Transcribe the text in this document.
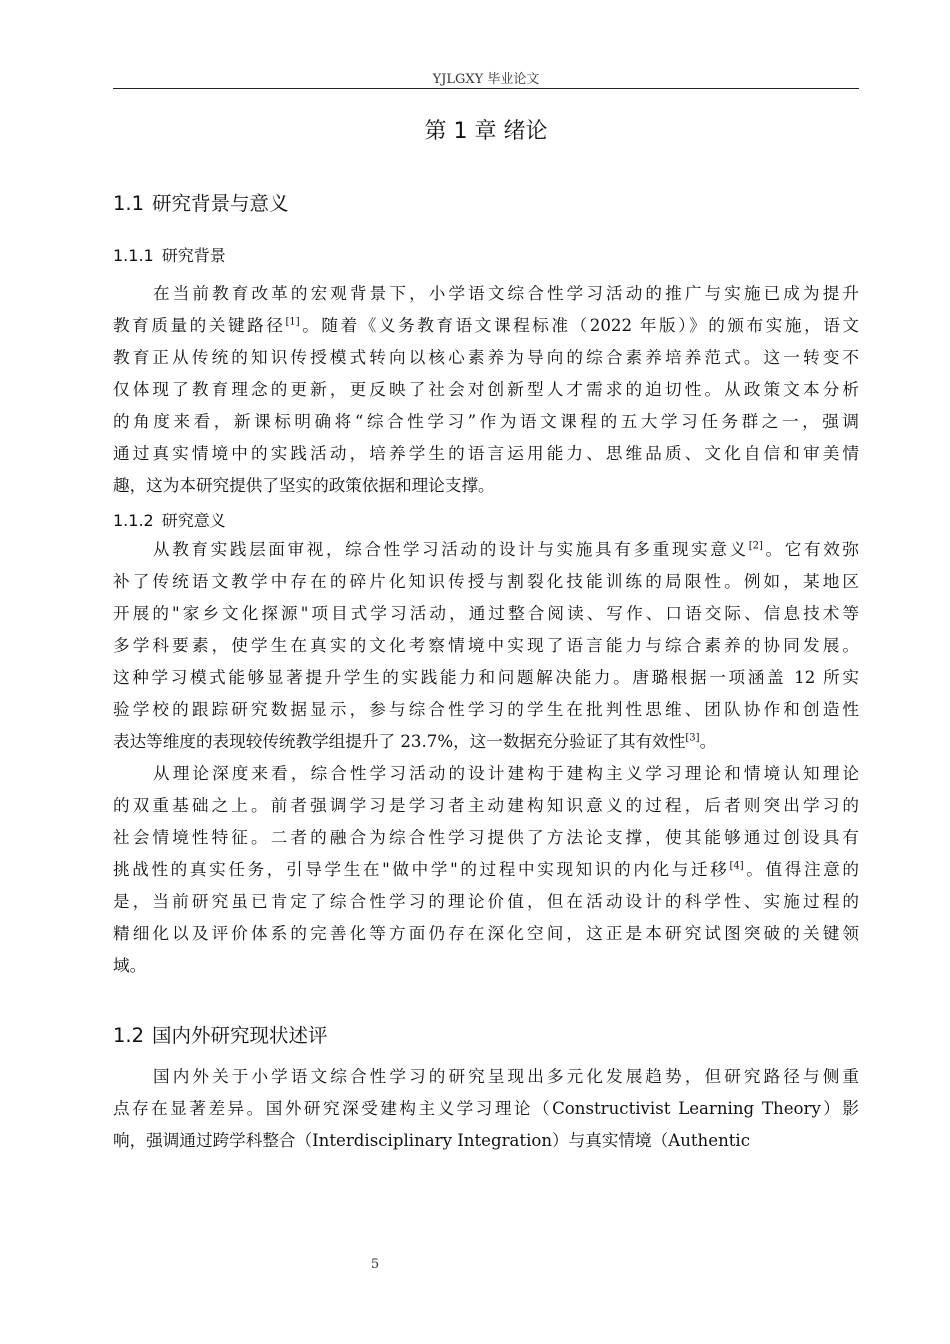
YJLGXY 毕业论文
第 1 章 绪论
1.1 研究背景与意义
1.1.1 研究背景
在当前教育改革的宏观背景下，小学语文综合性学习活动的推广与实施已成为提升
教育质量的关键路径[1]。随着《义务教育语文课程标准（2022 年版）》的颁布实施，语文
教育正从传统的知识传授模式转向以核心素养为导向的综合素养培养范式。这一转变不
仅体现了教育理念的更新，更反映了社会对创新型人才需求的迫切性。从政策文本分析
的角度来看，新课标明确将“综合性学习”作为语文课程的五大学习任务群之一，强调
通过真实情境中的实践活动，培养学生的语言运用能力、思维品质、文化自信和审美情
趣，这为本研究提供了坚实的政策依据和理论支撑。
1.1.2 研究意义
从教育实践层面审视，综合性学习活动的设计与实施具有多重现实意义[2]。它有效弥
补了传统语文教学中存在的碎片化知识传授与割裂化技能训练的局限性。例如，某地区
开展的"家乡文化探源"项目式学习活动，通过整合阅读、写作、口语交际、信息技术等
多学科要素，使学生在真实的文化考察情境中实现了语言能力与综合素养的协同发展。
这种学习模式能够显著提升学生的实践能力和问题解决能力。唐璐根据一项涵盖 12 所实
验学校的跟踪研究数据显示，参与综合性学习的学生在批判性思维、团队协作和创造性
表达等维度的表现较传统教学组提升了 23.7%，这一数据充分验证了其有效性[3]。
从理论深度来看，综合性学习活动的设计建构于建构主义学习理论和情境认知理论
的双重基础之上。前者强调学习是学习者主动建构知识意义的过程，后者则突出学习的
社会情境性特征。二者的融合为综合性学习提供了方法论支撑，使其能够通过创设具有
挑战性的真实任务，引导学生在"做中学"的过程中实现知识的内化与迁移[4]。值得注意的
是，当前研究虽已肯定了综合性学习的理论价值，但在活动设计的科学性、实施过程的
精细化以及评价体系的完善化等方面仍存在深化空间，这正是本研究试图突破的关键领
域。
1.2 国内外研究现状述评
国内外关于小学语文综合性学习的研究呈现出多元化发展趋势，但研究路径与侧重
点存在显著差异。国外研究深受建构主义学习理论（Constructivist Learning Theory）影
响，强调通过跨学科整合（Interdisciplinary Integration）与真实情境（Authentic
5
